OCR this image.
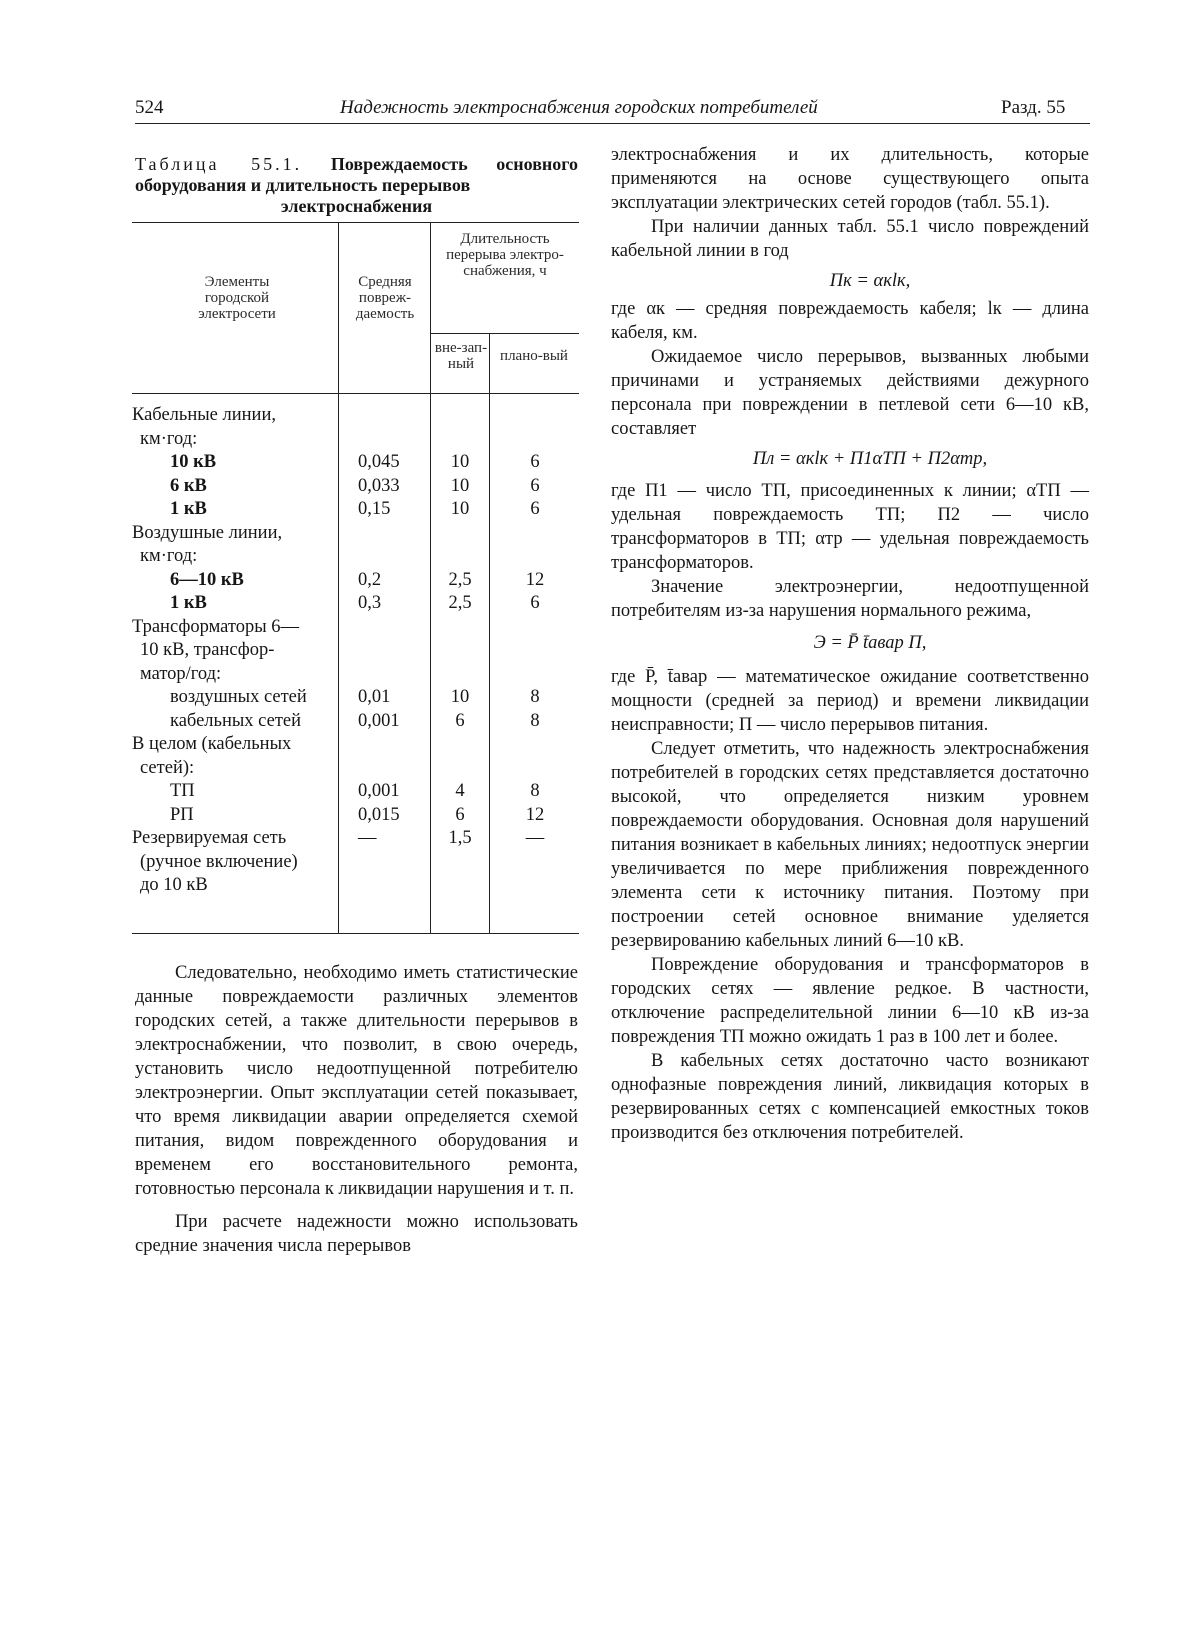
524	Надежность электроснабжения городских потребителей	Разд. 55
Таблица 55.1. Повреждаемость основного оборудования и длительность перерывов
электроснабжения
Элементы городской электросети
Средняя повреж-даемость
Длительность перерыва электро-снабжения, ч
вне-зап-ный	плано-вый
Кабельные линии,
км·год:
10 кВ	0,045	10	6
6 кВ	0,033	10	6
1 кВ	0,15	10	6
Воздушные линии,
км·год:
6—10 кВ	0,2	2,5	12
1 кВ	0,3	2,5	6
Трансформаторы 6—
10 кВ, трансфор-
матор/год:
воздушных сетей	0,01	10	8
кабельных сетей	0,001	6	8
В целом (кабельных
сетей):
ТП	0,001	4	8
РП	0,015	6	12
Резервируемая сеть	—	1,5	—
(ручное включение)
до 10 кВ

Следовательно, необходимо иметь статистические данные повреждаемости различных элементов городских сетей, а также длительности перерывов в электроснабжении, что позволит, в свою очередь, установить число недоотпущенной потребителю электроэнергии. Опыт эксплуатации сетей показывает, что время ликвидации аварии определяется схемой питания, видом поврежденного оборудования и временем его восстановительного ремонта, готовностью персонала к ликвидации нарушения и т. п.

При расчете надежности можно использовать средние значения числа перерывов

электроснабжения и их длительность, которые применяются на основе существующего опыта эксплуатации электрических сетей городов (табл. 55.1).

При наличии данных табл. 55.1 число повреждений кабельной линии в год

Пк = αкlк,

где αк — средняя повреждаемость кабеля; lк — длина кабеля, км.

Ожидаемое число перерывов, вызванных любыми причинами и устраняемых действиями дежурного персонала при повреждении в петлевой сети 6—10 кВ, составляет

Пл = αкlк + П1αТП + П2αтр,

где П1 — число ТП, присоединенных к линии; αТП — удельная повреждаемость ТП; П2 — число трансформаторов в ТП; αтр — удельная повреждаемость трансформаторов.

Значение электроэнергии, недоотпущенной потребителям из-за нарушения нормального режима,

Э = P̄ t̄авар П,

где P̄, t̄авар — математическое ожидание соответственно мощности (средней за период) и времени ликвидации неисправности; П — число перерывов питания.

Следует отметить, что надежность электроснабжения потребителей в городских сетях представляется достаточно высокой, что определяется низким уровнем повреждаемости оборудования. Основная доля нарушений питания возникает в кабельных линиях; недоотпуск энергии увеличивается по мере приближения поврежденного элемента сети к источнику питания. Поэтому при построении сетей основное внимание уделяется резервированию кабельных линий 6—10 кВ.

Повреждение оборудования и трансформаторов в городских сетях — явление редкое. В частности, отключение распределительной линии 6—10 кВ из-за повреждения ТП можно ожидать 1 раз в 100 лет и более.

В кабельных сетях достаточно часто возникают однофазные повреждения линий, ликвидация которых в резервированных сетях с компенсацией емкостных токов производится без отключения потребителей.
